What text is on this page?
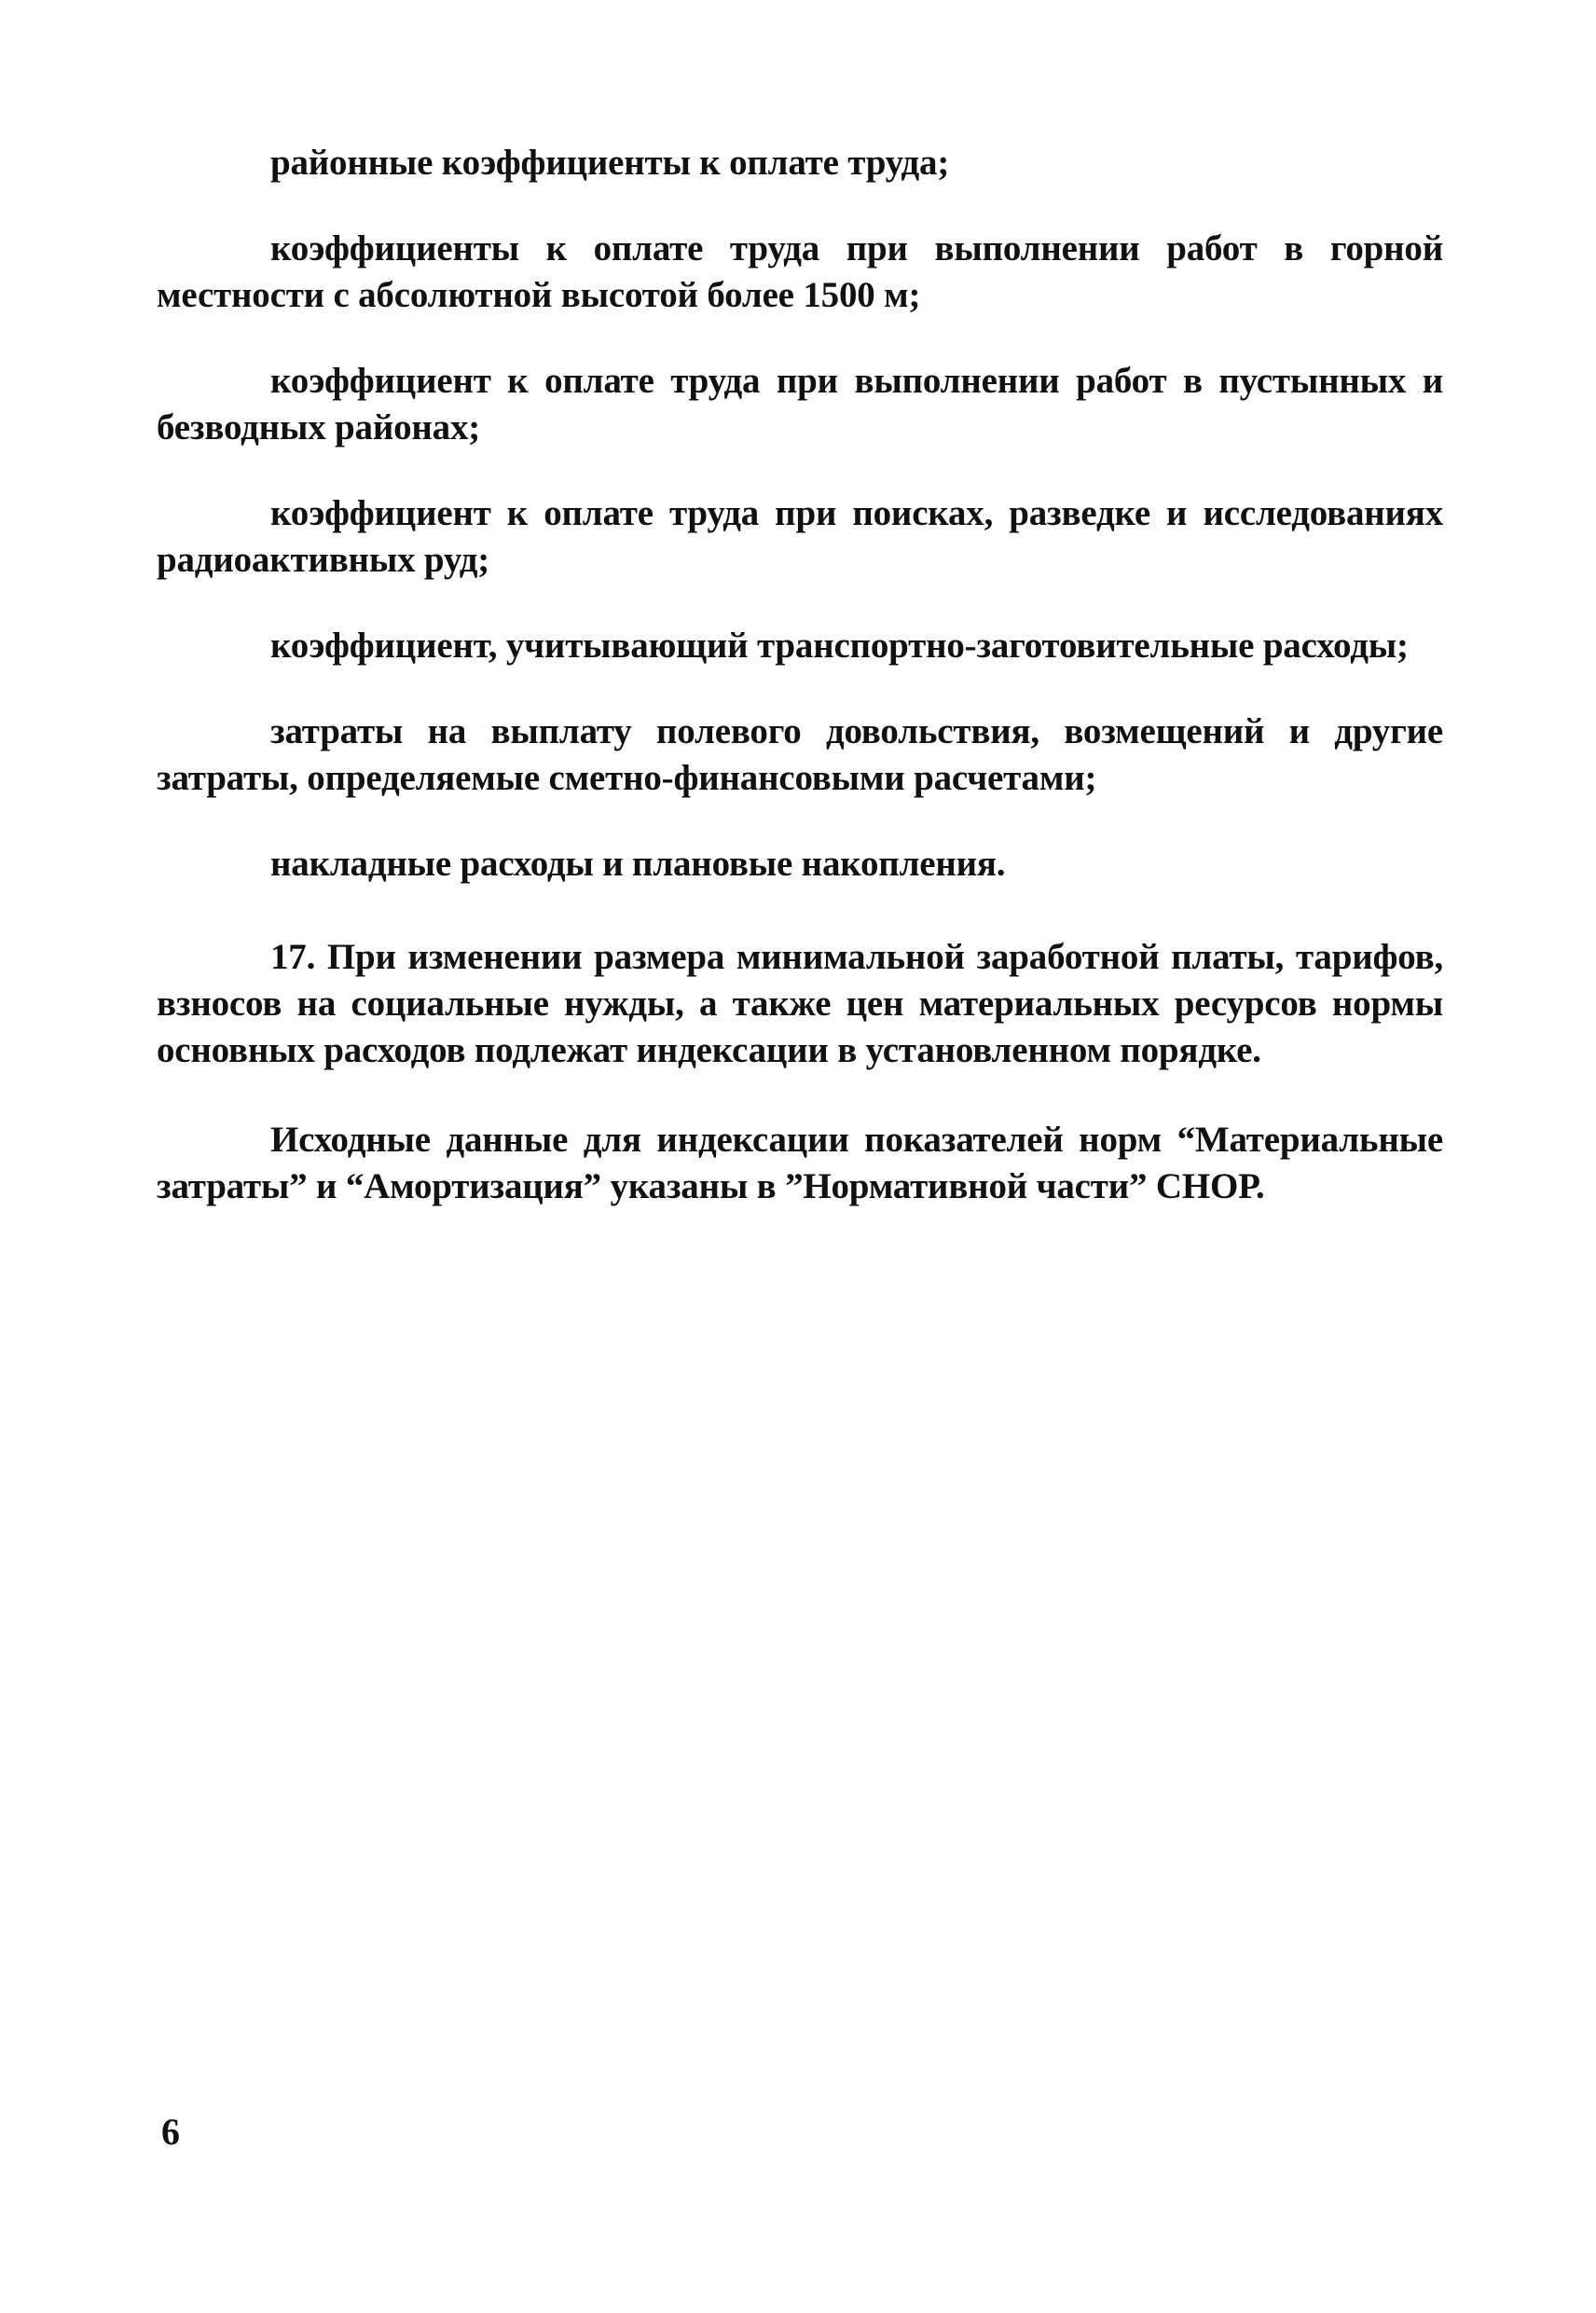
районные коэффициенты к оплате труда;

коэффициенты к оплате труда при выполнении работ в горной местности с абсолютной высотой более 1500 м;

коэффициент к оплате труда при выполнении работ в пустынных и безводных районах;

коэффициент к оплате труда при поисках, разведке и исследованиях радиоактивных руд;

коэффициент, учитывающий транспортно-заготовительные расходы;

затраты на выплату полевого довольствия, возмещений и другие затраты, определяемые сметно-финансовыми расчетами;

накладные расходы и плановые накопления.

17. При изменении размера минимальной заработной платы, тарифов, взносов на социальные нужды, а также цен материальных ресурсов нормы основных расходов подлежат индексации в установленном порядке.

Исходные данные для индексации показателей норм “Материальные затраты” и “Амортизация” указаны в ”Нормативной части” СНОР.

6
